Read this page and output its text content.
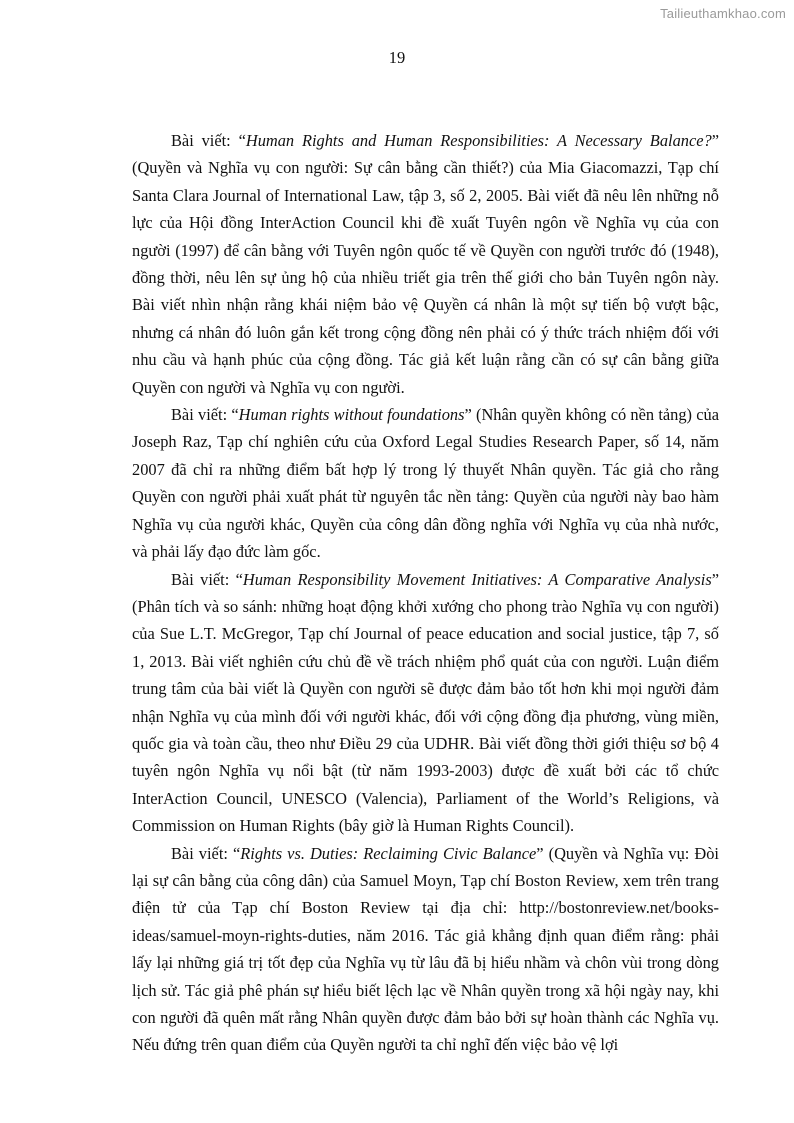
Tailieuthamkhao.com
19

Bài viết: “Human Rights and Human Responsibilities: A Necessary Balance?” (Quyền và Nghĩa vụ con người: Sự cân bằng cần thiết?) của Mia Giacomazzi, Tạp chí Santa Clara Journal of International Law, tập 3, số 2, 2005. Bài viết đã nêu lên những nỗ lực của Hội đồng InterAction Council khi đề xuất Tuyên ngôn về Nghĩa vụ của con người (1997) để cân bằng với Tuyên ngôn quốc tế về Quyền con người trước đó (1948), đồng thời, nêu lên sự ủng hộ của nhiều triết gia trên thế giới cho bản Tuyên ngôn này. Bài viết nhìn nhận rằng khái niệm bảo vệ Quyền cá nhân là một sự tiến bộ vượt bậc, nhưng cá nhân đó luôn gắn kết trong cộng đồng nên phải có ý thức trách nhiệm đối với nhu cầu và hạnh phúc của cộng đồng. Tác giả kết luận rằng cần có sự cân bằng giữa Quyền con người và Nghĩa vụ con người.

Bài viết: “Human rights without foundations” (Nhân quyền không có nền tảng) của Joseph Raz, Tạp chí nghiên cứu của Oxford Legal Studies Research Paper, số 14, năm 2007 đã chỉ ra những điểm bất hợp lý trong lý thuyết Nhân quyền. Tác giả cho rằng Quyền con người phải xuất phát từ nguyên tắc nền tảng: Quyền của người này bao hàm Nghĩa vụ của người khác, Quyền của công dân đồng nghĩa với Nghĩa vụ của nhà nước, và phải lấy đạo đức làm gốc.

Bài viết: “Human Responsibility Movement Initiatives: A Comparative Analysis” (Phân tích và so sánh: những hoạt động khởi xướng cho phong trào Nghĩa vụ con người) của Sue L.T. McGregor, Tạp chí Journal of peace education and social justice, tập 7, số 1, 2013. Bài viết nghiên cứu chủ đề về trách nhiệm phổ quát của con người. Luận điểm trung tâm của bài viết là Quyền con người sẽ được đảm bảo tốt hơn khi mọi người đảm nhận Nghĩa vụ của mình đối với người khác, đối với cộng đồng địa phương, vùng miền, quốc gia và toàn cầu, theo như Điều 29 của UDHR. Bài viết đồng thời giới thiệu sơ bộ 4 tuyên ngôn Nghĩa vụ nổi bật (từ năm 1993-2003) được đề xuất bởi các tổ chức InterAction Council, UNESCO (Valencia), Parliament of the World’s Religions, và Commission on Human Rights (bây giờ là Human Rights Council).

Bài viết: “Rights vs. Duties: Reclaiming Civic Balance” (Quyền và Nghĩa vụ: Đòi lại sự cân bằng của công dân) của Samuel Moyn, Tạp chí Boston Review, xem trên trang điện tử của Tạp chí Boston Review tại địa chỉ: http://bostonreview.net/books-ideas/samuel-moyn-rights-duties, năm 2016. Tác giả khẳng định quan điểm rằng: phải lấy lại những giá trị tốt đẹp của Nghĩa vụ từ lâu đã bị hiểu nhầm và chôn vùi trong dòng lịch sử. Tác giả phê phán sự hiểu biết lệch lạc về Nhân quyền trong xã hội ngày nay, khi con người đã quên mất rằng Nhân quyền được đảm bảo bởi sự hoàn thành các Nghĩa vụ. Nếu đứng trên quan điểm của Quyền người ta chỉ nghĩ đến việc bảo vệ lợi
